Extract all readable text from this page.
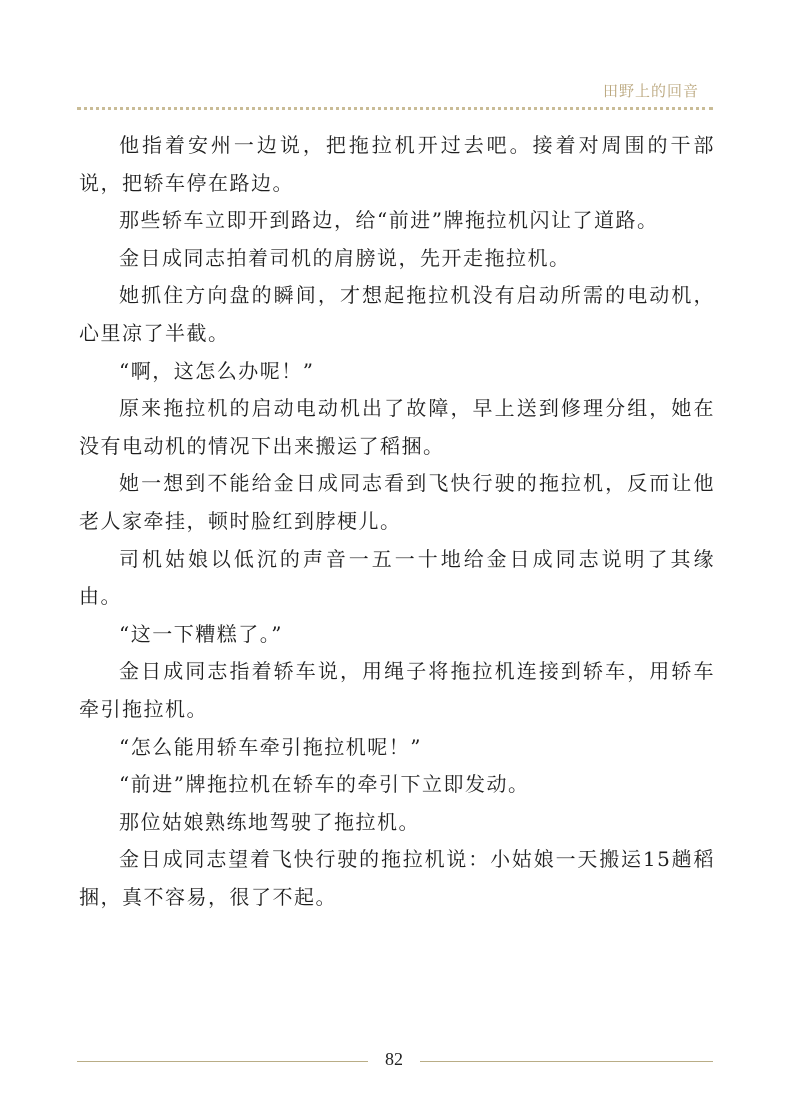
田野上的回音

他指着安州一边说，把拖拉机开过去吧。接着对周围的干部说，把轿车停在路边。

那些轿车立即开到路边，给“前进”牌拖拉机闪让了道路。

金日成同志拍着司机的肩膀说，先开走拖拉机。

她抓住方向盘的瞬间，才想起拖拉机没有启动所需的电动机，心里凉了半截。

“啊，这怎么办呢！”

原来拖拉机的启动电动机出了故障，早上送到修理分组，她在没有电动机的情况下出来搬运了稻捆。

她一想到不能给金日成同志看到飞快行驶的拖拉机，反而让他老人家牵挂，顿时脸红到脖梗儿。

司机姑娘以低沉的声音一五一十地给金日成同志说明了其缘由。

“这一下糟糕了。”

金日成同志指着轿车说，用绳子将拖拉机连接到轿车，用轿车牵引拖拉机。

“怎么能用轿车牵引拖拉机呢！”

“前进”牌拖拉机在轿车的牵引下立即发动。

那位姑娘熟练地驾驶了拖拉机。

金日成同志望着飞快行驶的拖拉机说：小姑娘一天搬运15趟稻捆，真不容易，很了不起。

82
